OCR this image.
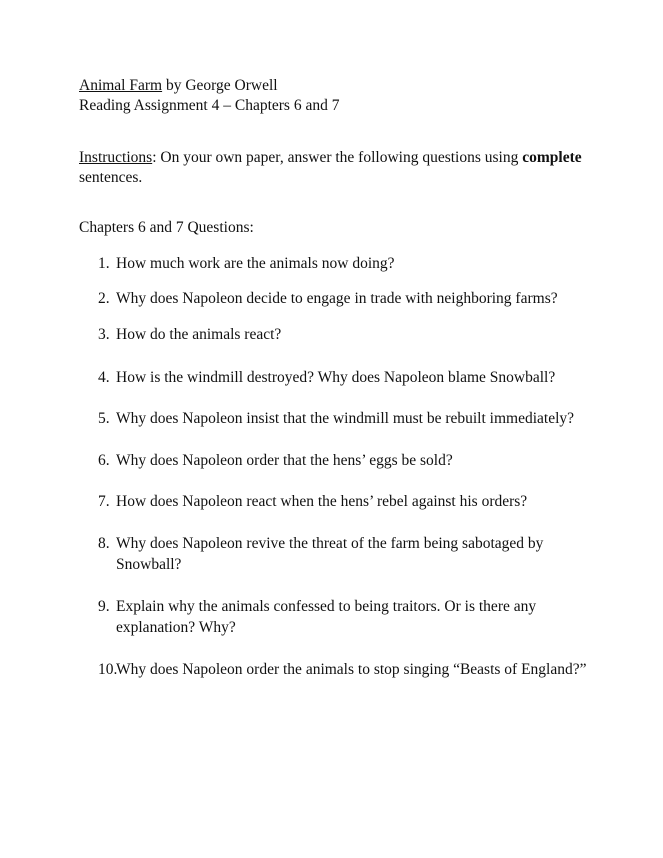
Animal Farm by George Orwell
Reading Assignment 4 – Chapters 6 and 7
Instructions: On your own paper, answer the following questions using complete
sentences.
Chapters 6 and 7 Questions:
1. How much work are the animals now doing?
2. Why does Napoleon decide to engage in trade with neighboring farms?
3. How do the animals react?
4. How is the windmill destroyed? Why does Napoleon blame Snowball?
5. Why does Napoleon insist that the windmill must be rebuilt immediately?
6. Why does Napoleon order that the hens’ eggs be sold?
7. How does Napoleon react when the hens’ rebel against his orders?
8. Why does Napoleon revive the threat of the farm being sabotaged by
Snowball?
9. Explain why the animals confessed to being traitors. Or is there any
explanation? Why?
10.
Why does Napoleon order the animals to stop singing “Beasts of England?”
